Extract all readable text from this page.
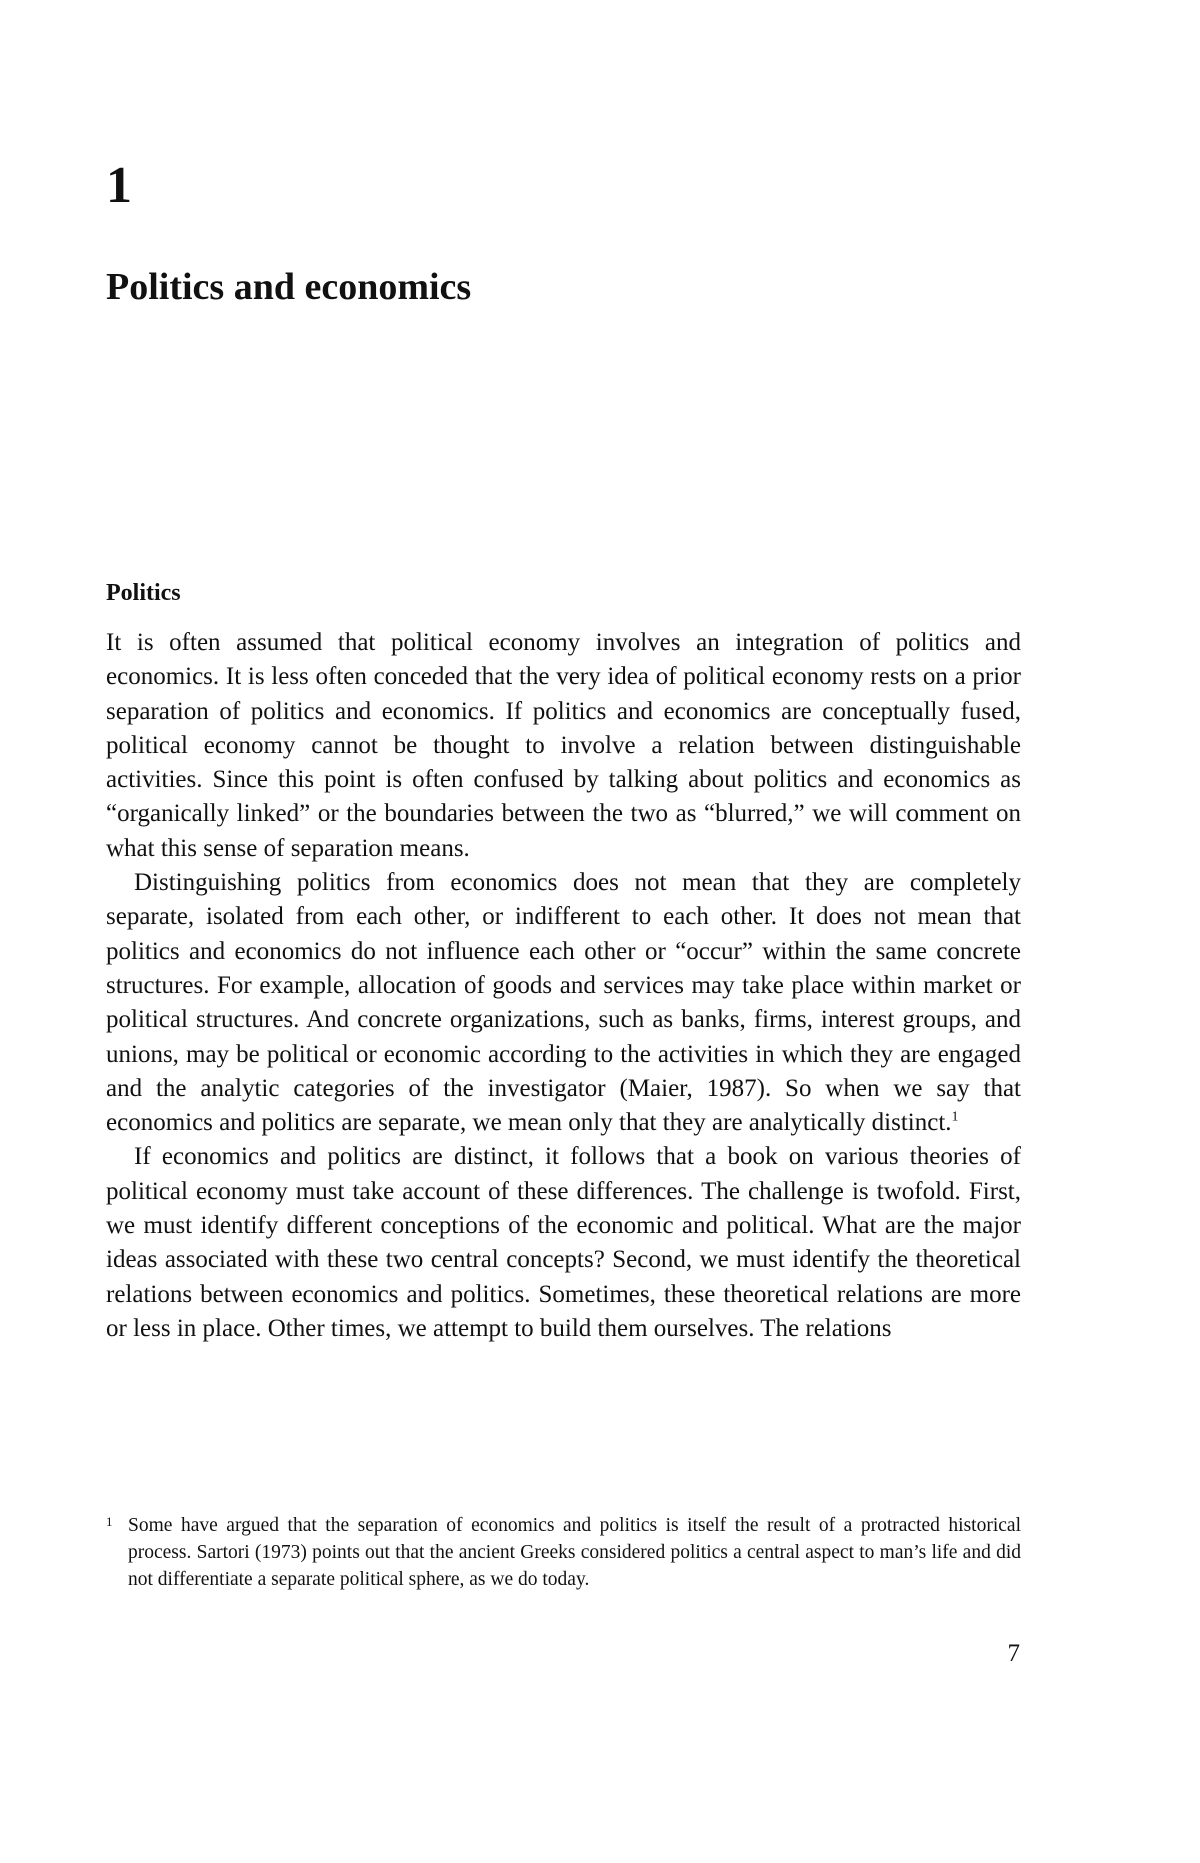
1
Politics and economics
Politics

It is often assumed that political economy involves an integration of politics and economics. It is less often conceded that the very idea of political economy rests on a prior separation of politics and economics. If politics and economics are conceptually fused, political economy cannot be thought to involve a relation between distinguishable activities. Since this point is often confused by talking about politics and economics as “organically linked” or the boundaries between the two as “blurred,” we will comment on what this sense of separation means.

Distinguishing politics from economics does not mean that they are completely separate, isolated from each other, or indifferent to each other. It does not mean that politics and economics do not influence each other or “occur” within the same concrete structures. For example, allocation of goods and services may take place within market or political structures. And concrete organizations, such as banks, firms, interest groups, and unions, may be political or economic according to the activities in which they are engaged and the analytic categories of the investigator (Maier, 1987). So when we say that economics and politics are separate, we mean only that they are analytically distinct.$^1$

If economics and politics are distinct, it follows that a book on various theories of political economy must take account of these differences. The challenge is twofold. First, we must identify different conceptions of the economic and political. What are the major ideas associated with these two central concepts? Second, we must identify the theoretical relations between economics and politics. Sometimes, these theoretical relations are more or less in place. Other times, we attempt to build them ourselves. The relations

1 Some have argued that the separation of economics and politics is itself the result of a protracted historical process. Sartori (1973) points out that the ancient Greeks considered politics a central aspect to man’s life and did not differentiate a separate political sphere, as we do today.
7
